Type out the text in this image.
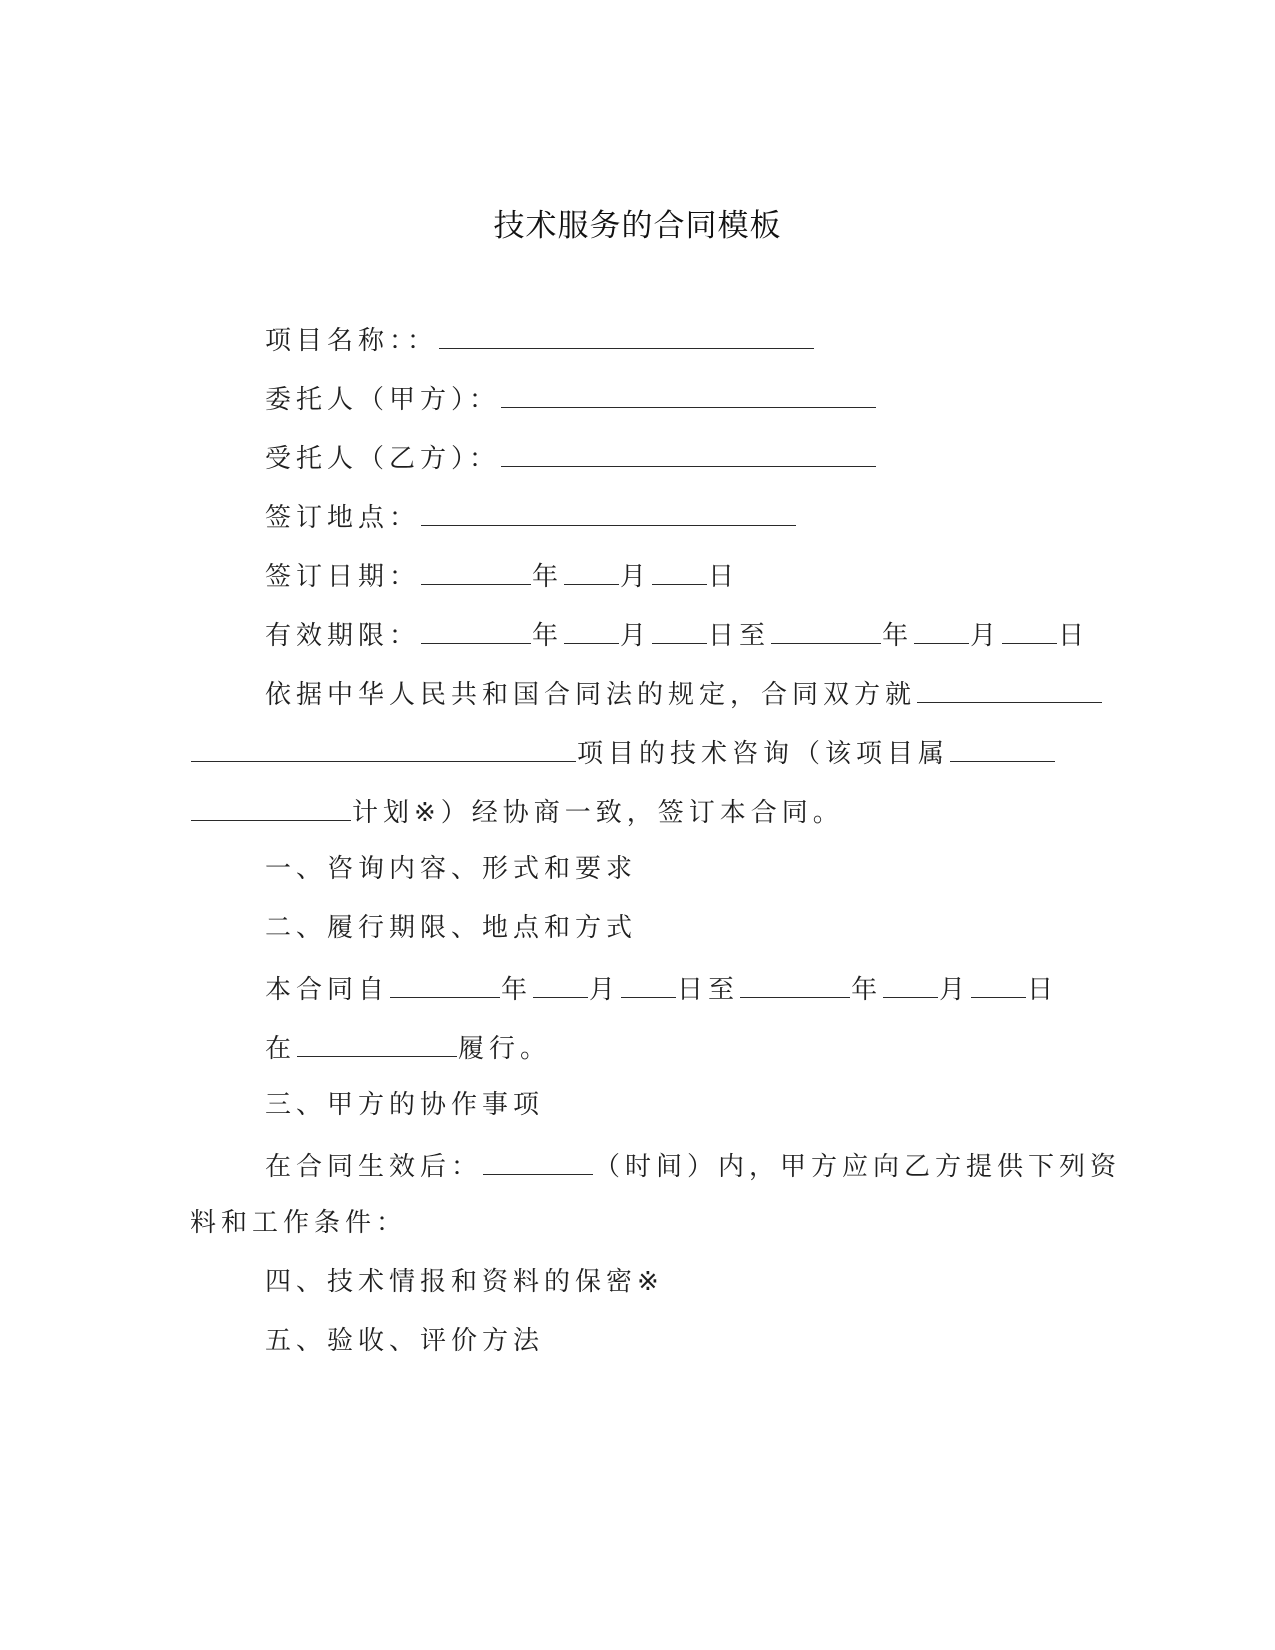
技术服务的合同模板
项目名称：：
委托人（甲方）：
受托人（乙方）：
签订地点：
签订日期：	年 月 日
有效期限：	年 月 日至	年 月 日
依据中华人民共和国合同法的规定，合同双方就
项目的技术咨询（该项目属
计划※）经协商一致，签订本合同。
一、咨询内容、形式和要求
二、履行期限、地点和方式
本合同自	年 月 日至	年 月 日
在	履行。
三、甲方的协作事项
在合同生效后：	（时间）内，甲方应向乙方提供下列资
料和工作条件：
四、技术情报和资料的保密※
五、验收、评价方法
